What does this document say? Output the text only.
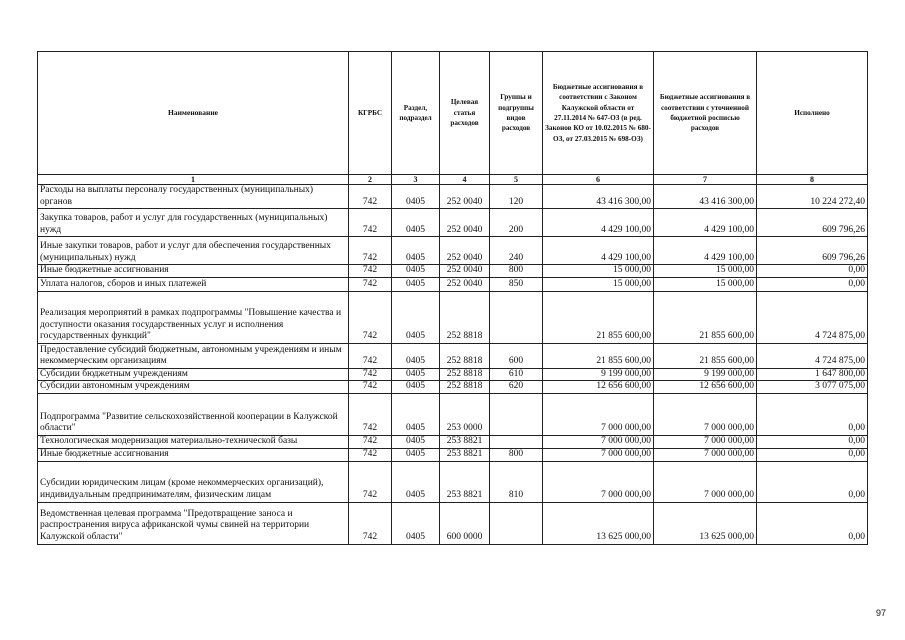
Наименование	КГРБС	Раздел, подраздел	Целевая статья расходов	Группы и подгруппы видов расходов	Бюджетные ассигнования в соответствии с Законом Калужской области от 27.11.2014 № 647-ОЗ (в ред. Законов КО от 10.02.2015 № 680-ОЗ, от 27.03.2015 № 698-ОЗ)	Бюджетные ассигнования в соответствии с уточненной бюджетной росписью расходов	Исполнено
1	2	3	4	5	6	7	8
Расходы на выплаты персоналу государственных (муниципальных) органов	742	0405	252 0040	120	43 416 300,00	43 416 300,00	10 224 272,40
Закупка товаров, работ и услуг для государственных (муниципальных) нужд	742	0405	252 0040	200	4 429 100,00	4 429 100,00	609 796,26
Иные закупки товаров, работ и услуг для обеспечения государственных (муниципальных) нужд	742	0405	252 0040	240	4 429 100,00	4 429 100,00	609 796,26
Иные бюджетные ассигнования	742	0405	252 0040	800	15 000,00	15 000,00	0,00
Уплата налогов, сборов и иных платежей	742	0405	252 0040	850	15 000,00	15 000,00	0,00
Реализация мероприятий в рамках подпрограммы "Повышение качества и доступности оказания государственных услуг и исполнения государственных функций"	742	0405	252 8818		21 855 600,00	21 855 600,00	4 724 875,00
Предоставление субсидий бюджетным, автономным учреждениям и иным некоммерческим организациям	742	0405	252 8818	600	21 855 600,00	21 855 600,00	4 724 875,00
Субсидии бюджетным учреждениям	742	0405	252 8818	610	9 199 000,00	9 199 000,00	1 647 800,00
Субсидии автономным учреждениям	742	0405	252 8818	620	12 656 600,00	12 656 600,00	3 077 075,00
Подпрограмма "Развитие сельскохозяйственной кооперации в Калужской области"	742	0405	253 0000		7 000 000,00	7 000 000,00	0,00
Технологическая модернизация материально-технической базы	742	0405	253 8821		7 000 000,00	7 000 000,00	0,00
Иные бюджетные ассигнования	742	0405	253 8821	800	7 000 000,00	7 000 000,00	0,00
Субсидии юридическим лицам (кроме некоммерческих организаций), индивидуальным предпринимателям, физическим лицам	742	0405	253 8821	810	7 000 000,00	7 000 000,00	0,00
Ведомственная целевая программа "Предотвращение заноса и распространения вируса африканской чумы свиней на территории Калужской области"	742	0405	600 0000		13 625 000,00	13 625 000,00	0,00
97
